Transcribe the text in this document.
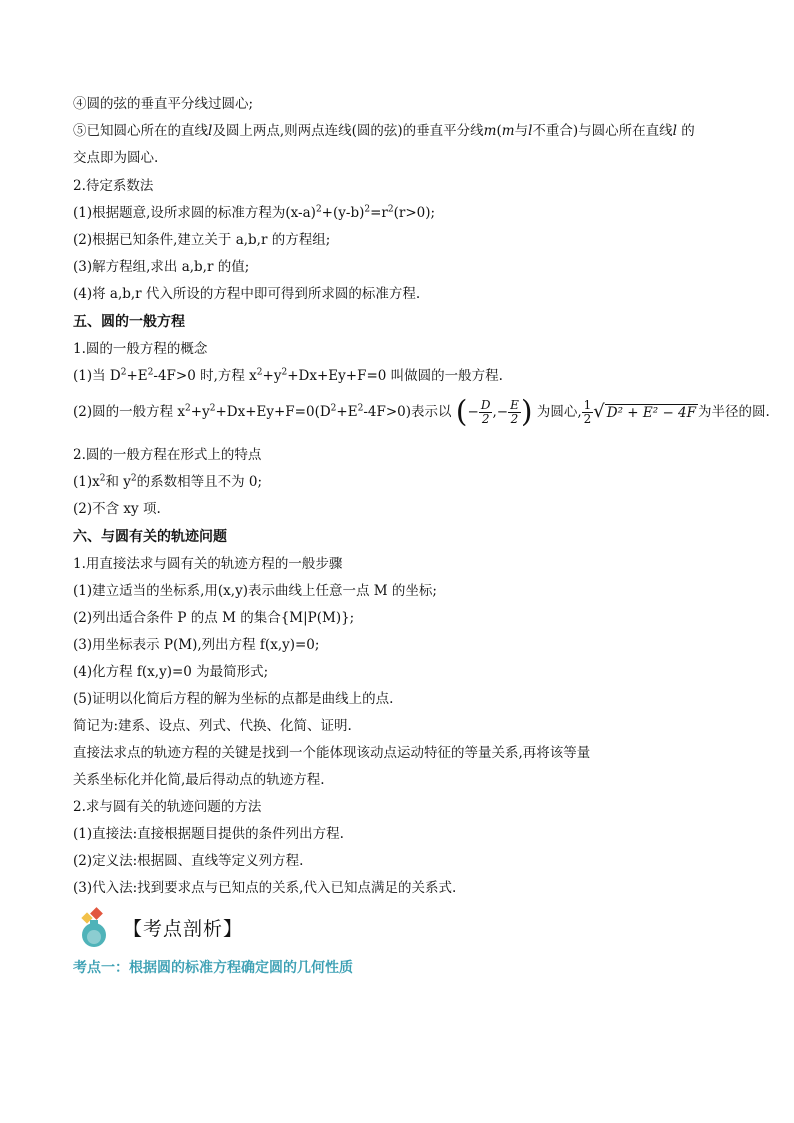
④圆的弦的垂直平分线过圆心;
⑤已知圆心所在的直线l及圆上两点,则两点连线(圆的弦)的垂直平分线m(m与l不重合)与圆心所在直线l 的
交点即为圆心.
2.待定系数法
(1)根据题意,设所求圆的标准方程为$(x-a)^2+(y-b)^2=r^2(r>0)$;
(2)根据已知条件,建立关于 a,b,r 的方程组;
(3)解方程组,求出 a,b,r 的值;
(4)将 a,b,r 代入所设的方程中即可得到所求圆的标准方程.
五、圆的一般方程
1.圆的一般方程的概念
(1)当 $D^2+E^2-4F>0$ 时,方程 $x^2+y^2+Dx+Ey+F=0$ 叫做圆的一般方程.
(2)圆的一般方程 $x^2+y^2+Dx+Ey+F=0(D^2+E^2-4F>0)$表示以 (− $\frac{D}{2}$ ,− $\frac{E}{2}$ ) 为圆心, $\frac{1}{2}$ √ D² + E² − 4F 为半径的圆.
2.圆的一般方程在形式上的特点
$(1)x^2$和 $y^2$的系数相等且不为 0;
(2)不含 xy 项.
六、与圆有关的轨迹问题
1.用直接法求与圆有关的轨迹方程的一般步骤
(1)建立适当的坐标系,用(x,y)表示曲线上任意一点 M 的坐标;
(2)列出适合条件 P 的点 M 的集合{M|P(M)};
(3)用坐标表示 P(M),列出方程 f(x,y)=0;
(4)化方程 f(x,y)=0 为最简形式;
(5)证明以化简后方程的解为坐标的点都是曲线上的点.
简记为:建系、设点、列式、代换、化简、证明.
直接法求点的轨迹方程的关键是找到一个能体现该动点运动特征的等量关系,再将该等量
关系坐标化并化简,最后得动点的轨迹方程.
2.求与圆有关的轨迹问题的方法
(1)直接法:直接根据题目提供的条件列出方程.
(2)定义法:根据圆、直线等定义列方程.
(3)代入法:找到要求点与已知点的关系,代入已知点满足的关系式.
【考点剖析】
考点一：根据圆的标准方程确定圆的几何性质
